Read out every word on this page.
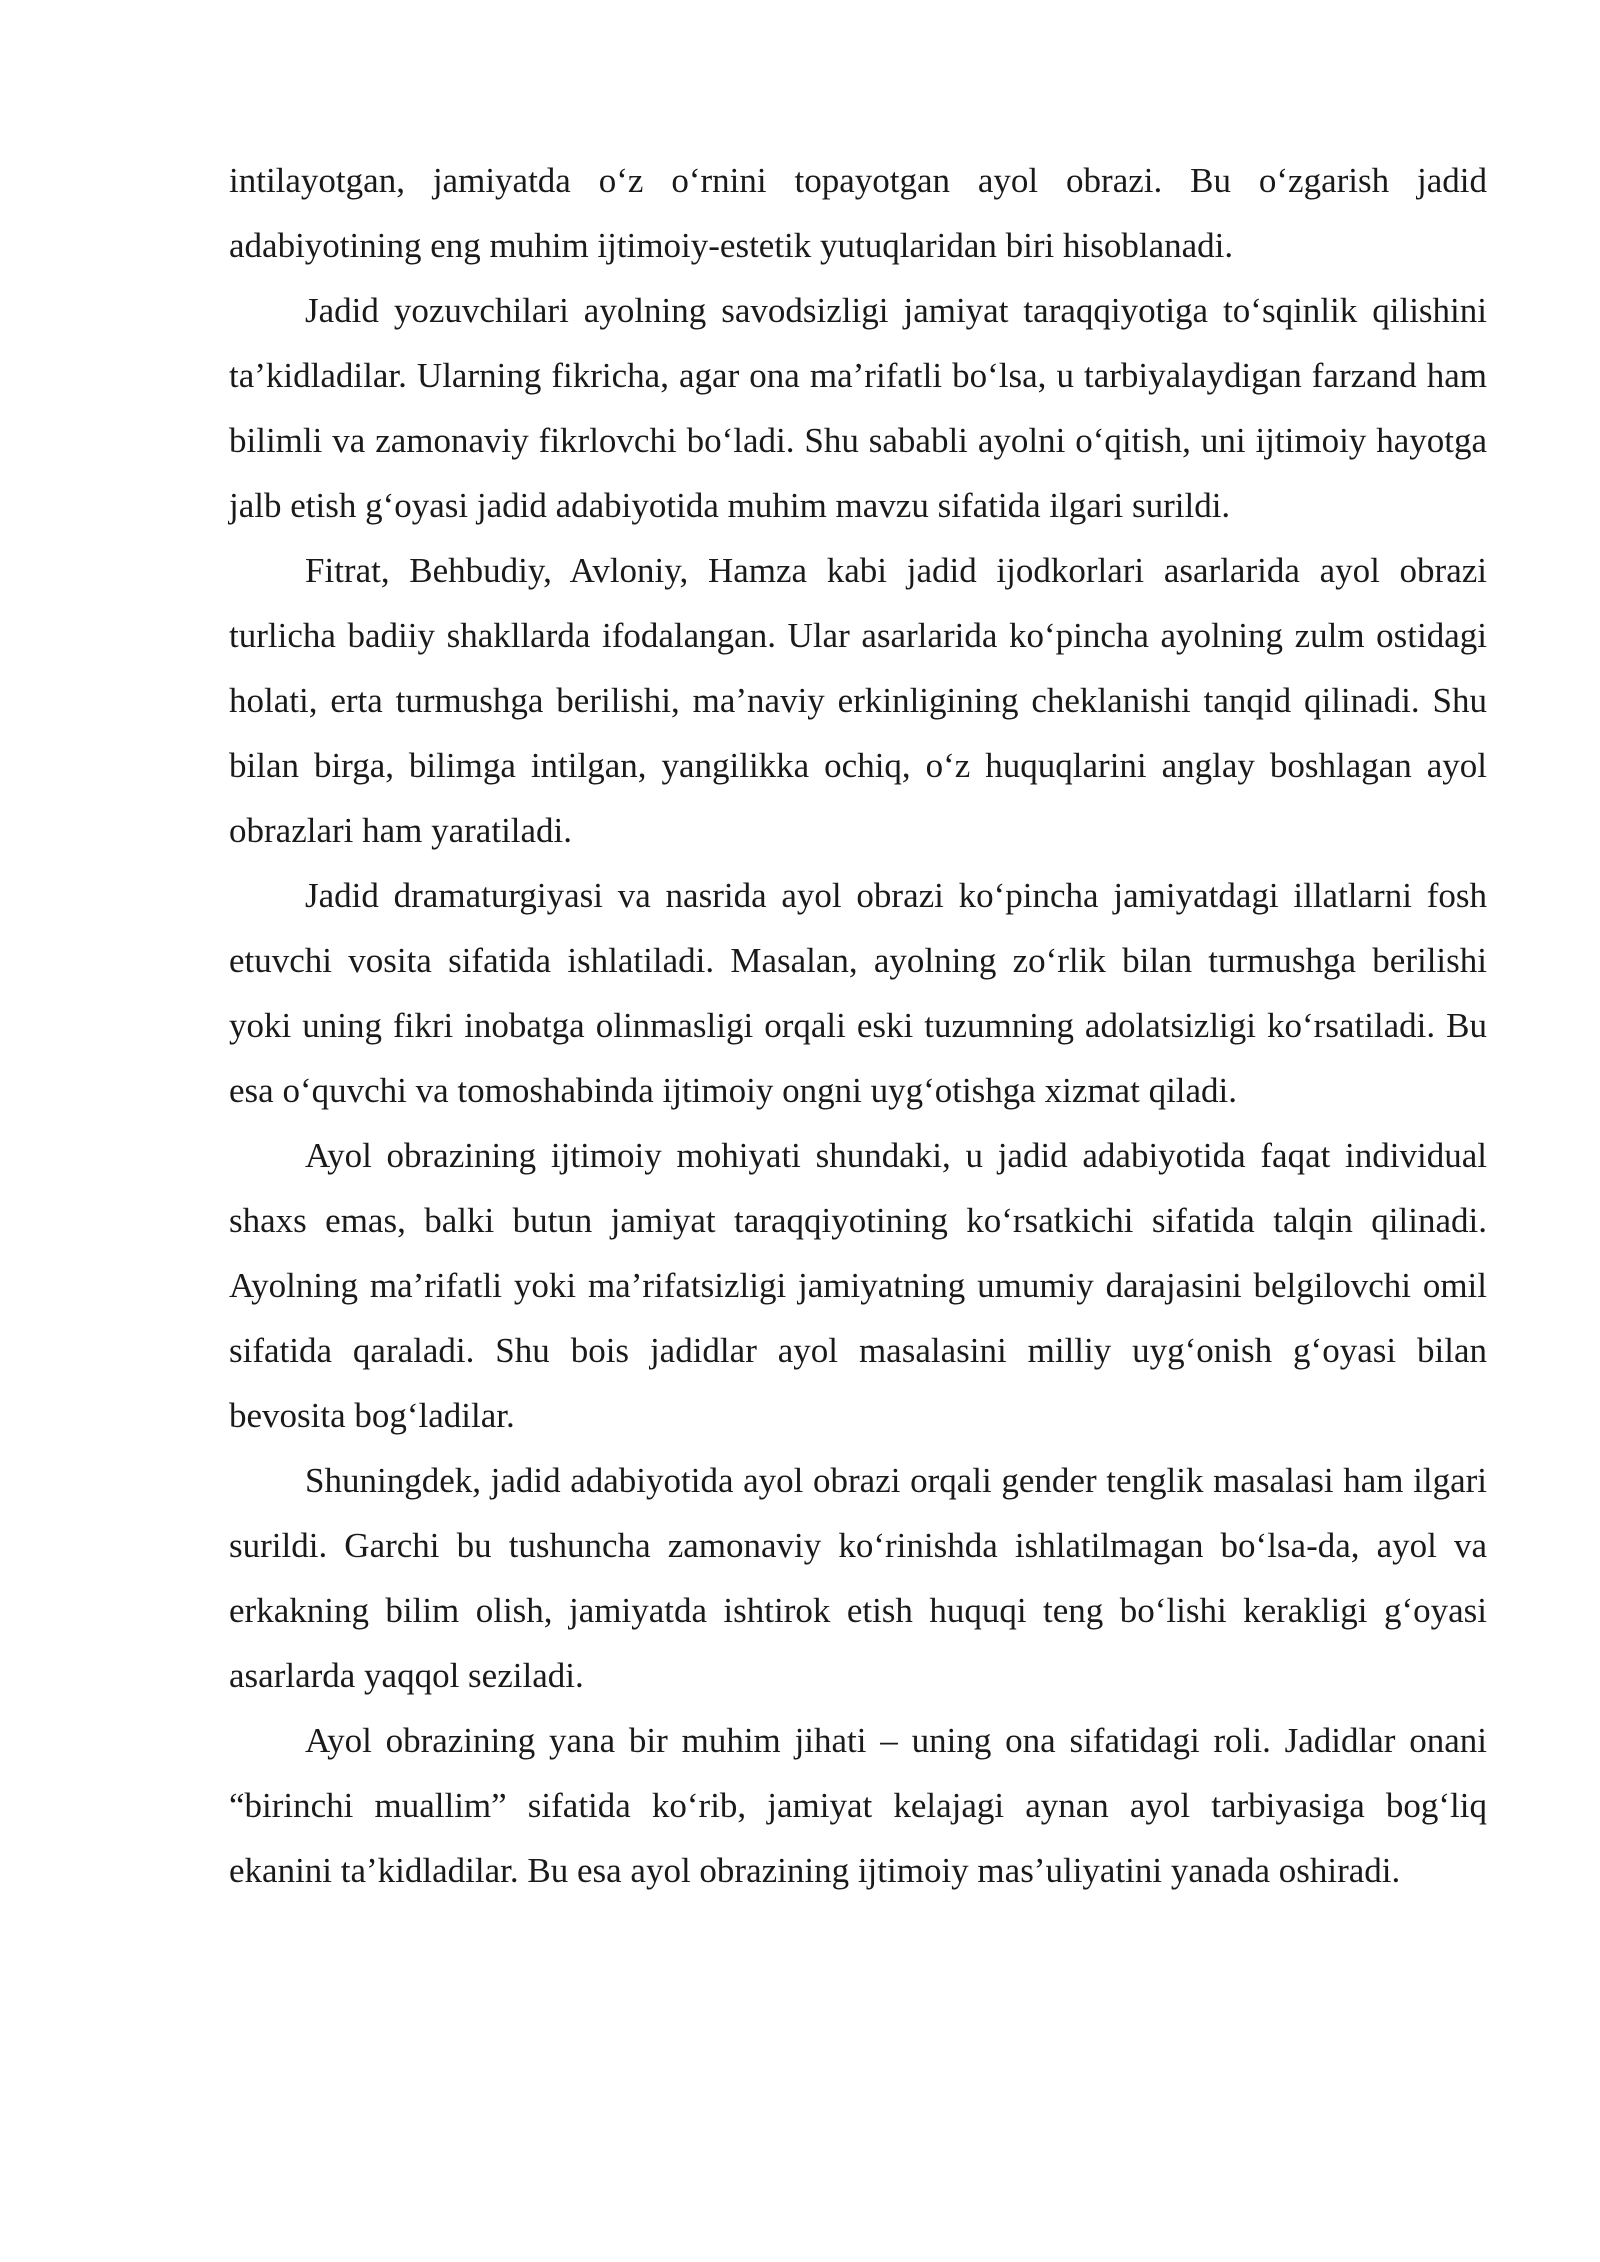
intilayotgan, jamiyatda o‘z o‘rnini topayotgan ayol obrazi. Bu o‘zgarish jadid adabiyotining eng muhim ijtimoiy-estetik yutuqlaridan biri hisoblanadi.

Jadid yozuvchilari ayolning savodsizligi jamiyat taraqqiyotiga to‘sqinlik qilishini ta’kidladilar. Ularning fikricha, agar ona ma’rifatli bo‘lsa, u tarbiyalaydigan farzand ham bilimli va zamonaviy fikrlovchi bo‘ladi. Shu sababli ayolni o‘qitish, uni ijtimoiy hayotga jalb etish g‘oyasi jadid adabiyotida muhim mavzu sifatida ilgari surildi.

Fitrat, Behbudiy, Avloniy, Hamza kabi jadid ijodkorlari asarlarida ayol obrazi turlicha badiiy shakllarda ifodalangan. Ular asarlarida ko‘pincha ayolning zulm ostidagi holati, erta turmushga berilishi, ma’naviy erkinligining cheklanishi tanqid qilinadi. Shu bilan birga, bilimga intilgan, yangilikka ochiq, o‘z huquqlarini anglay boshlagan ayol obrazlari ham yaratiladi.

Jadid dramaturgiyasi va nasrida ayol obrazi ko‘pincha jamiyatdagi illatlarni fosh etuvchi vosita sifatida ishlatiladi. Masalan, ayolning zo‘rlik bilan turmushga berilishi yoki uning fikri inobatga olinmasligi orqali eski tuzumning adolatsizligi ko‘rsatiladi. Bu esa o‘quvchi va tomoshabinda ijtimoiy ongni uyg‘otishga xizmat qiladi.

Ayol obrazining ijtimoiy mohiyati shundaki, u jadid adabiyotida faqat individual shaxs emas, balki butun jamiyat taraqqiyotining ko‘rsatkichi sifatida talqin qilinadi. Ayolning ma’rifatli yoki ma’rifatsizligi jamiyatning umumiy darajasini belgilovchi omil sifatida qaraladi. Shu bois jadidlar ayol masalasini milliy uyg‘onish g‘oyasi bilan bevosita bog‘ladilar.

Shuningdek, jadid adabiyotida ayol obrazi orqali gender tenglik masalasi ham ilgari surildi. Garchi bu tushuncha zamonaviy ko‘rinishda ishlatilmagan bo‘lsa-da, ayol va erkakning bilim olish, jamiyatda ishtirok etish huquqi teng bo‘lishi kerakligi g‘oyasi asarlarda yaqqol seziladi.

Ayol obrazining yana bir muhim jihati – uning ona sifatidagi roli. Jadidlar onani “birinchi muallim” sifatida ko‘rib, jamiyat kelajagi aynan ayol tarbiyasiga bog‘liq ekanini ta’kidladilar. Bu esa ayol obrazining ijtimoiy mas’uliyatini yanada oshiradi.
